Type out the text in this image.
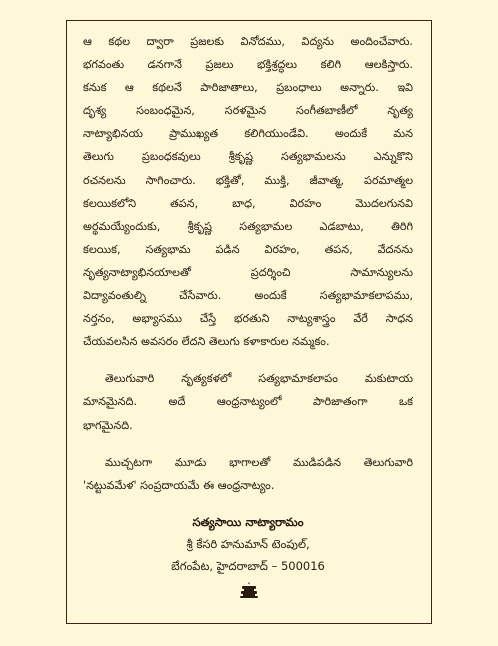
ఆ కథల ద్వారా ప్రజలకు వినోదము, విద్యను అందించేవారు.
భగవంతు డనగానే ప్రజలు భక్తిశ్రద్ధలు కలిగి ఆలకిస్తారు.
కనుక ఆ కథలనే పారిజాతాలు, ప్రబంధాలు అన్నారు. ఇవి
దృశ్య సంబంధమైన, సరళమైన సంగీతబాణీలో నృత్య
నాట్యాభినయ ప్రాముఖ్యత కలిగియుండేవి. అందుకే మన
తెలుగు ప్రబంధకవులు శ్రీకృష్ణ సత్యభామలను ఎన్నుకొని
రచనలను సాగించారు. భక్తితో, ముక్తి, జీవాత్మ, పరమాత్మల
కలయికలోని తపన, బాధ, విరహం మొదలగునవి
అర్థమయ్యేందుకు, శ్రీకృష్ణ సత్యభామల ఎడబాటు, తిరిగి
కలయిక, సత్యభామ పడిన విరహం, తపన, వేదనను
నృత్యనాట్యాభినయాలతో ప్రదర్శించి సామాన్యులను
విద్యావంతుల్ని చేసేవారు. అందుకే సత్యభామాకలాపము,
నర్తనం, అభ్యాసము చేస్తే భరతుని నాట్యశాస్త్రం వేరే సాధన
చేయవలసిన అవసరం లేదని తెలుగు కళాకారుల నమ్మకం.

తెలుగువారి నృత్యకళలో సత్యభామాకలాపం మకుటాయ
మానమైనది. అదే ఆంధ్రనాట్యంలో పారిజాతంగా ఒక
భాగమైనది.

ముచ్చటగా మూడు భాగాలతో ముడిపడిన తెలుగువారి
'నట్టువమేళ' సంప్రదాయమే ఈ ఆంధ్రనాట్యం.

సత్యసాయి నాట్యారామం
శ్రీ కేసరి హనుమాన్ టెంపుల్,
బేగంపేట, హైదరాబాద్ – 500016
